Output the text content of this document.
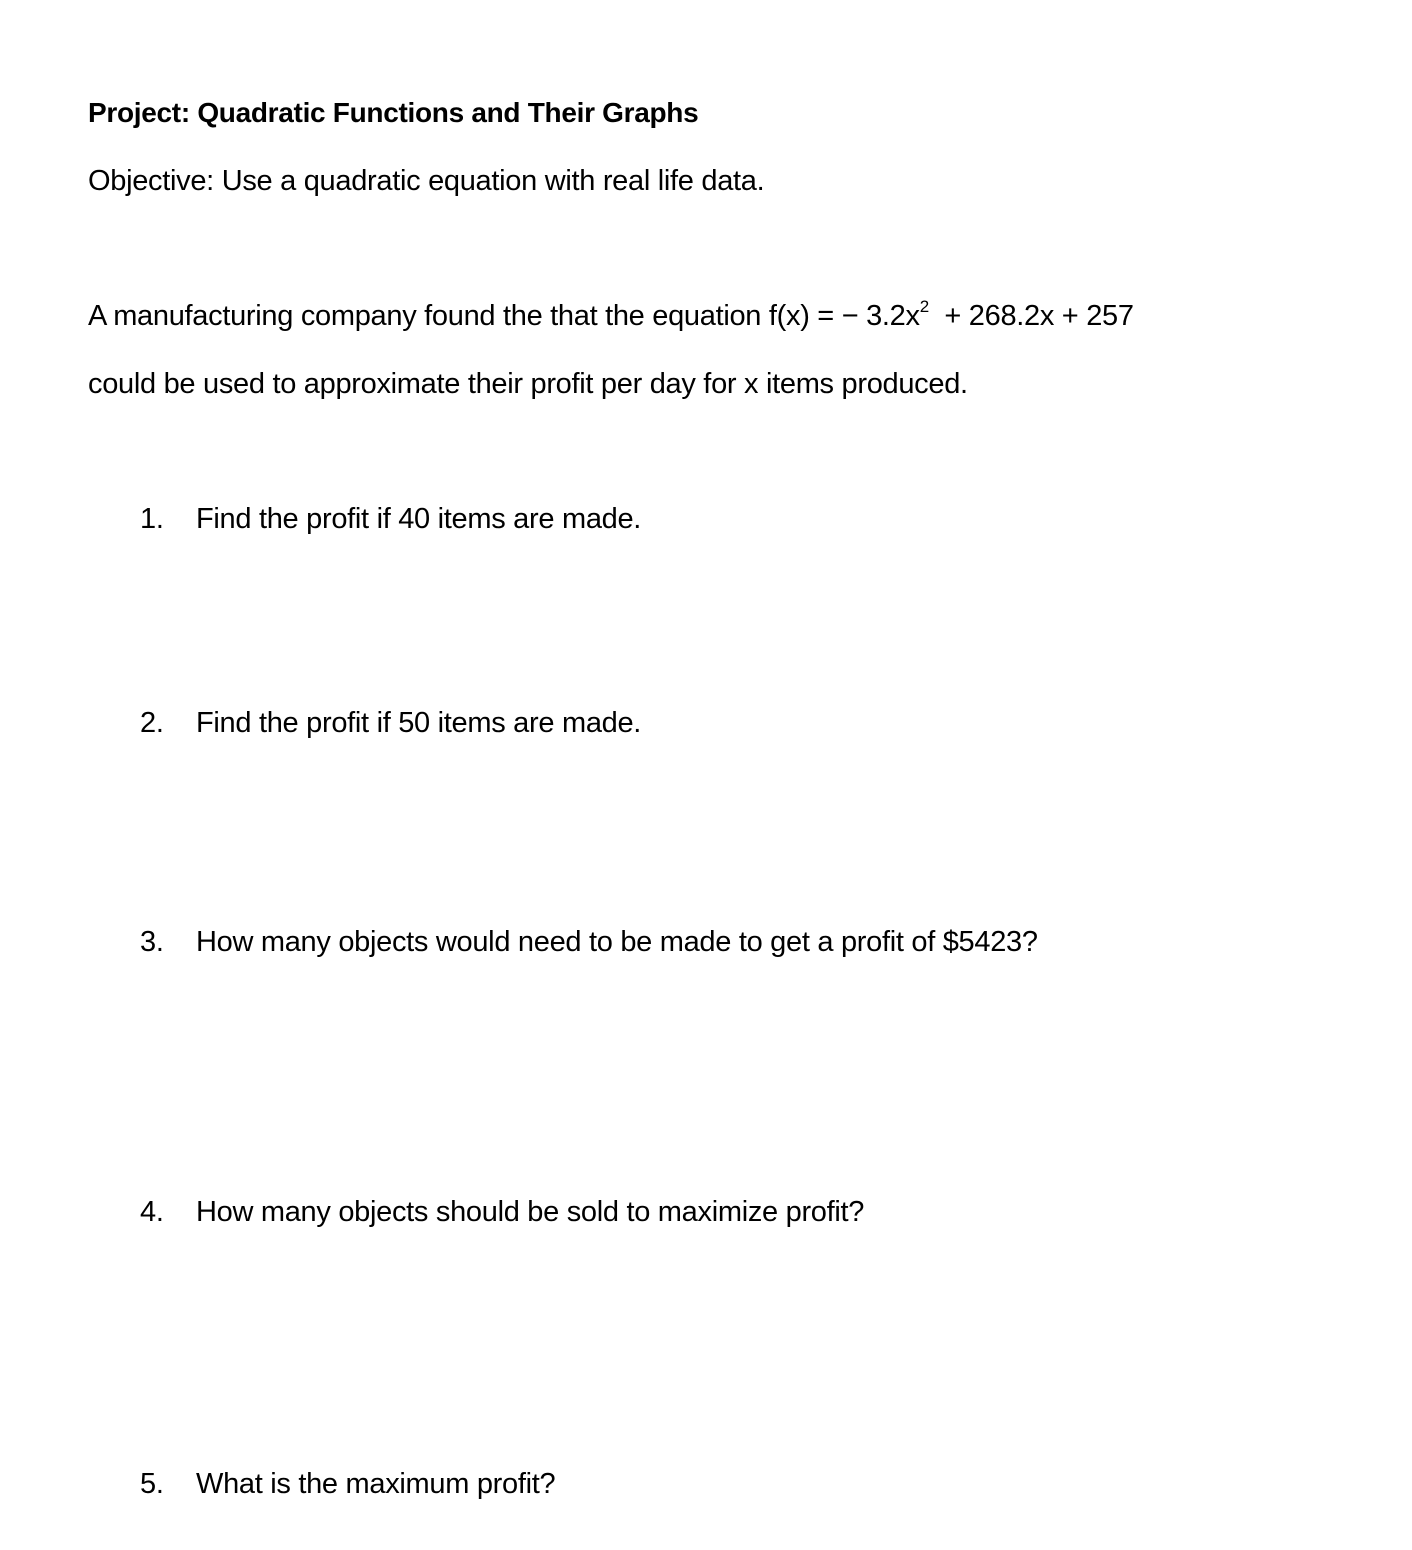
Project: Quadratic Functions and Their Graphs
Objective: Use a quadratic equation with real life data.
A manufacturing company found the that the equation f(x) = − $3.2x^2 + 268.2x + 257$
could be used to approximate their profit per day for x items produced.
1. Find the profit if 40 items are made.
2. Find the profit if 50 items are made.
3. How many objects would need to be made to get a profit of $5423?
4. How many objects should be sold to maximize profit?
5. What is the maximum profit?
